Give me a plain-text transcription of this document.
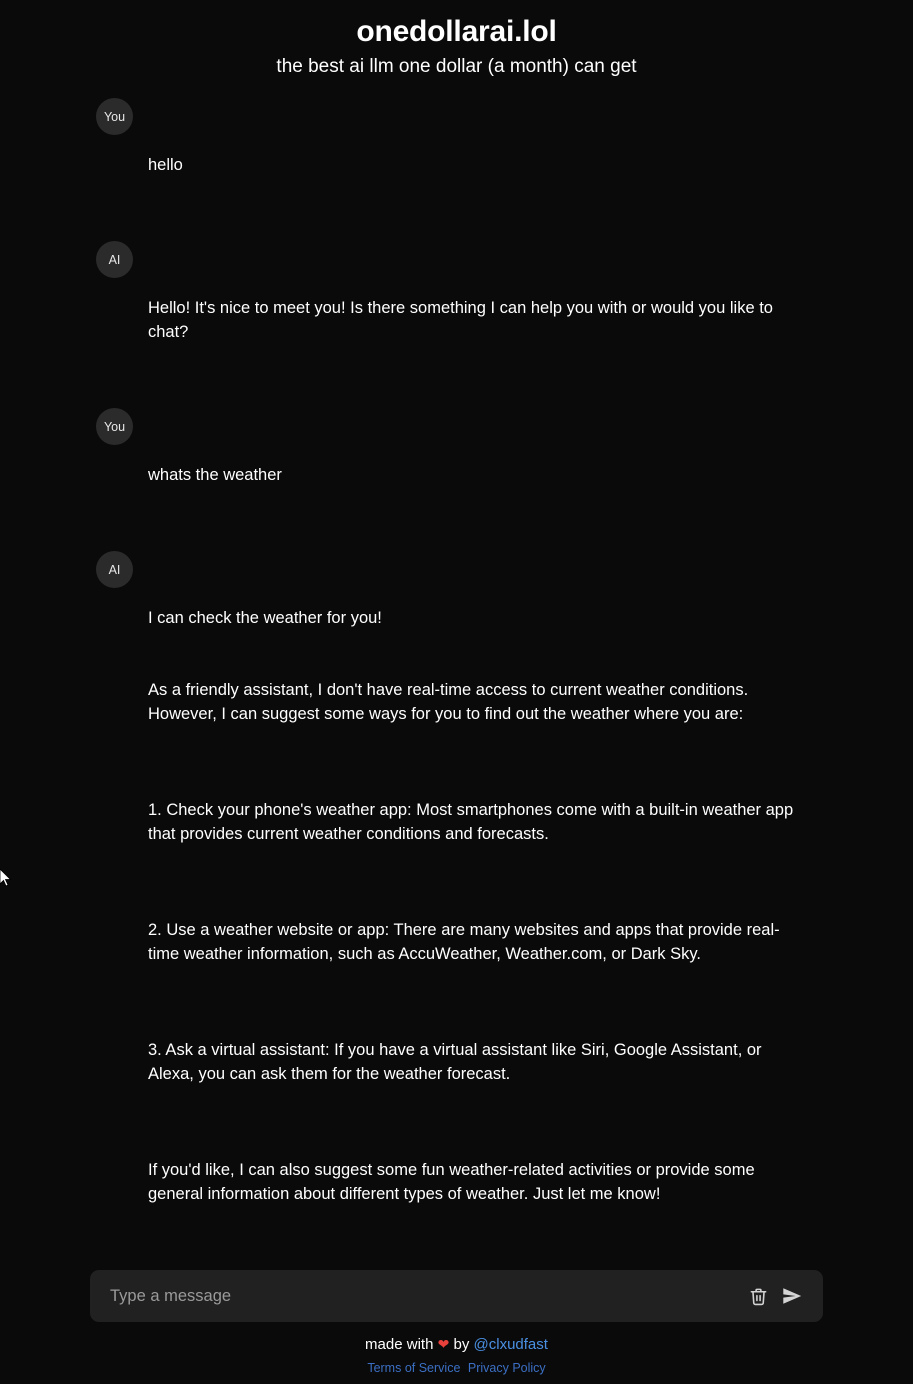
onedollarai.lol
the best ai llm one dollar (a month) can get
You

hello

AI

Hello! It's nice to meet you! Is there something I can help you with or would you like to chat?

You

whats the weather

AI

I can check the weather for you!

As a friendly assistant, I don't have real-time access to current weather conditions. However, I can suggest some ways for you to find out the weather where you are:

1. Check your phone's weather app: Most smartphones come with a built-in weather app that provides current weather conditions and forecasts.

2. Use a weather website or app: There are many websites and apps that provide real-time weather information, such as AccuWeather, Weather.com, or Dark Sky.

3. Ask a virtual assistant: If you have a virtual assistant like Siri, Google Assistant, or Alexa, you can ask them for the weather forecast.

If you'd like, I can also suggest some fun weather-related activities or provide some general information about different types of weather. Just let me know!

Type a message
made with ❤ by @clxudfast
Terms of Service Privacy Policy
